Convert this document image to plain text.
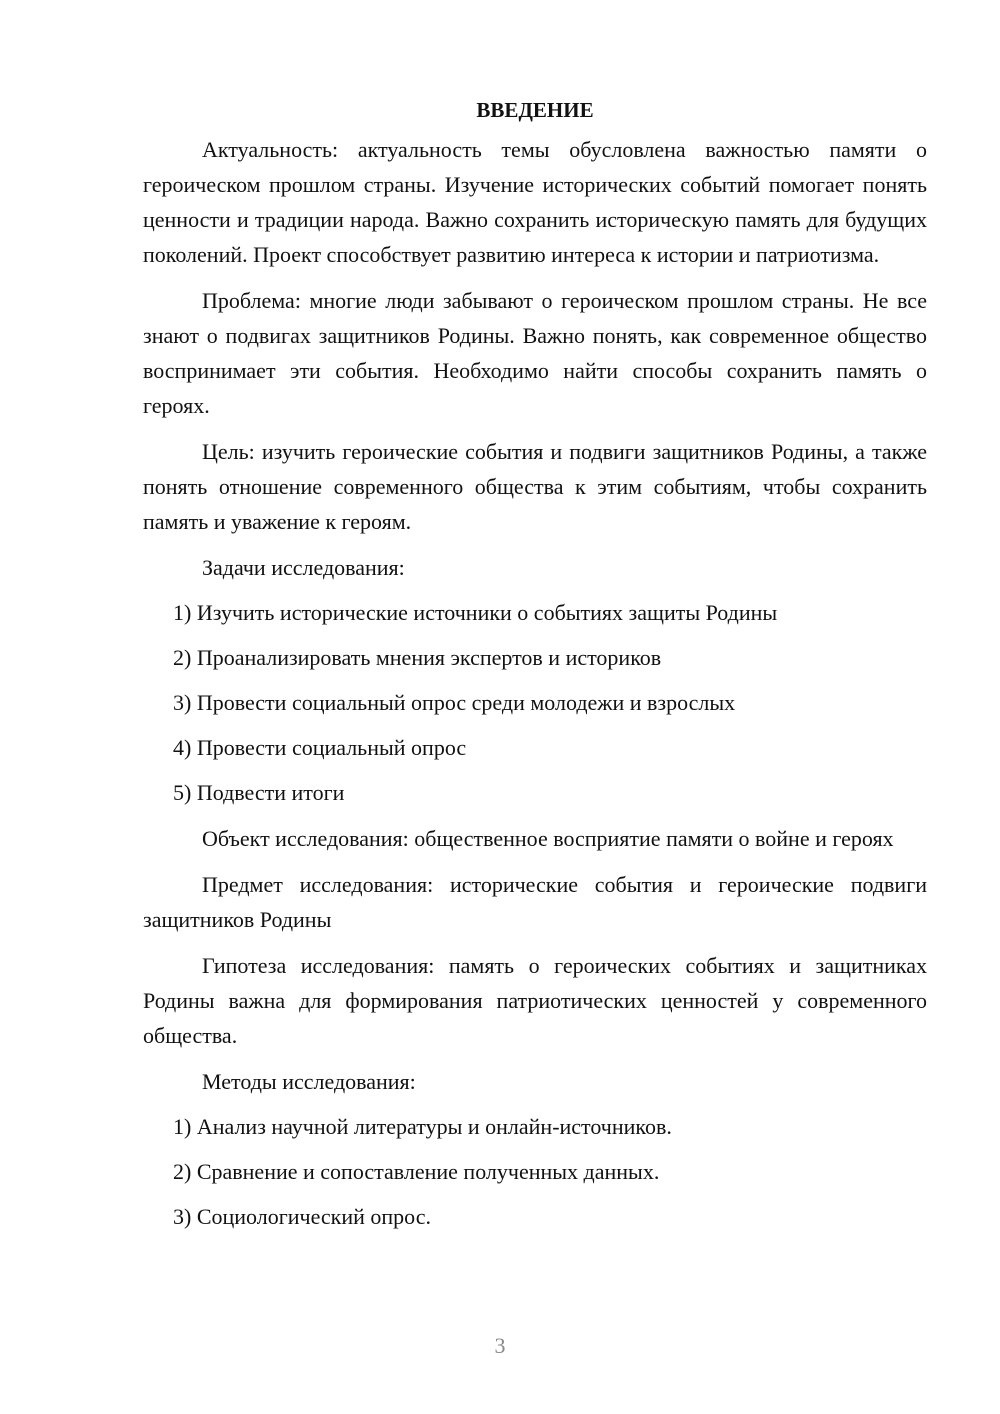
ВВЕДЕНИЕ

Актуальность: актуальность темы обусловлена важностью памяти о героическом прошлом страны. Изучение исторических событий помогает понять ценности и традиции народа. Важно сохранить историческую память для будущих поколений. Проект способствует развитию интереса к истории и патриотизма.

Проблема: многие люди забывают о героическом прошлом страны. Не все знают о подвигах защитников Родины. Важно понять, как современное общество воспринимает эти события. Необходимо найти способы сохранить память о героях.

Цель: изучить героические события и подвиги защитников Родины, а также понять отношение современного общества к этим событиям, чтобы сохранить память и уважение к героям.

Задачи исследования:

1) Изучить исторические источники о событиях защиты Родины

2) Проанализировать мнения экспертов и историков

3) Провести социальный опрос среди молодежи и взрослых

4) Провести социальный опрос

5) Подвести итоги

Объект исследования: общественное восприятие памяти о войне и героях

Предмет исследования: исторические события и героические подвиги защитников Родины

Гипотеза исследования: память о героических событиях и защитниках Родины важна для формирования патриотических ценностей у современного общества.

Методы исследования:

1) Анализ научной литературы и онлайн-источников.

2) Сравнение и сопоставление полученных данных.

3) Социологический опрос.

3
